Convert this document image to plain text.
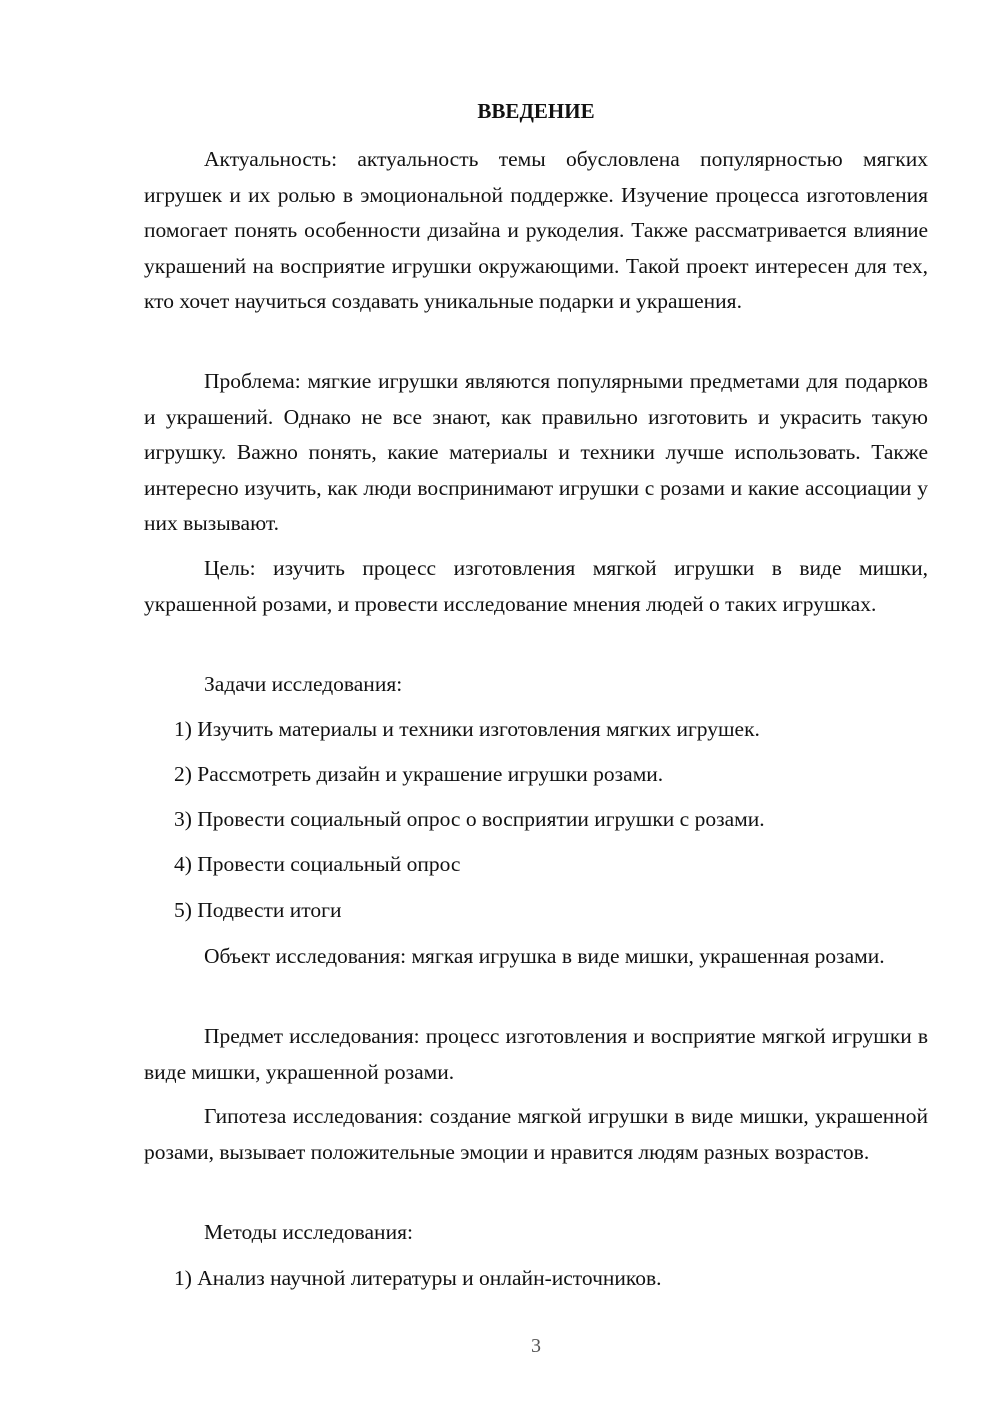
ВВЕДЕНИЕ
Актуальность: актуальность темы обусловлена популярностью мягких игрушек и их ролью в эмоциональной поддержке. Изучение процесса изготовления помогает понять особенности дизайна и рукоделия. Также рассматривается влияние украшений на восприятие игрушки окружающими. Такой проект интересен для тех, кто хочет научиться создавать уникальные подарки и украшения.
Проблема: мягкие игрушки являются популярными предметами для подарков и украшений. Однако не все знают, как правильно изготовить и украсить такую игрушку. Важно понять, какие материалы и техники лучше использовать. Также интересно изучить, как люди воспринимают игрушки с розами и какие ассоциации у них вызывают.
Цель: изучить процесс изготовления мягкой игрушки в виде мишки, украшенной розами, и провести исследование мнения людей о таких игрушках.
Задачи исследования:
1) Изучить материалы и техники изготовления мягких игрушек.
2) Рассмотреть дизайн и украшение игрушки розами.
3) Провести социальный опрос о восприятии игрушки с розами.
4) Провести социальный опрос
5) Подвести итоги
Объект исследования: мягкая игрушка в виде мишки, украшенная розами.
Предмет исследования: процесс изготовления и восприятие мягкой игрушки в виде мишки, украшенной розами.
Гипотеза исследования: создание мягкой игрушки в виде мишки, украшенной розами, вызывает положительные эмоции и нравится людям разных возрастов.
Методы исследования:
1) Анализ научной литературы и онлайн-источников.
3
